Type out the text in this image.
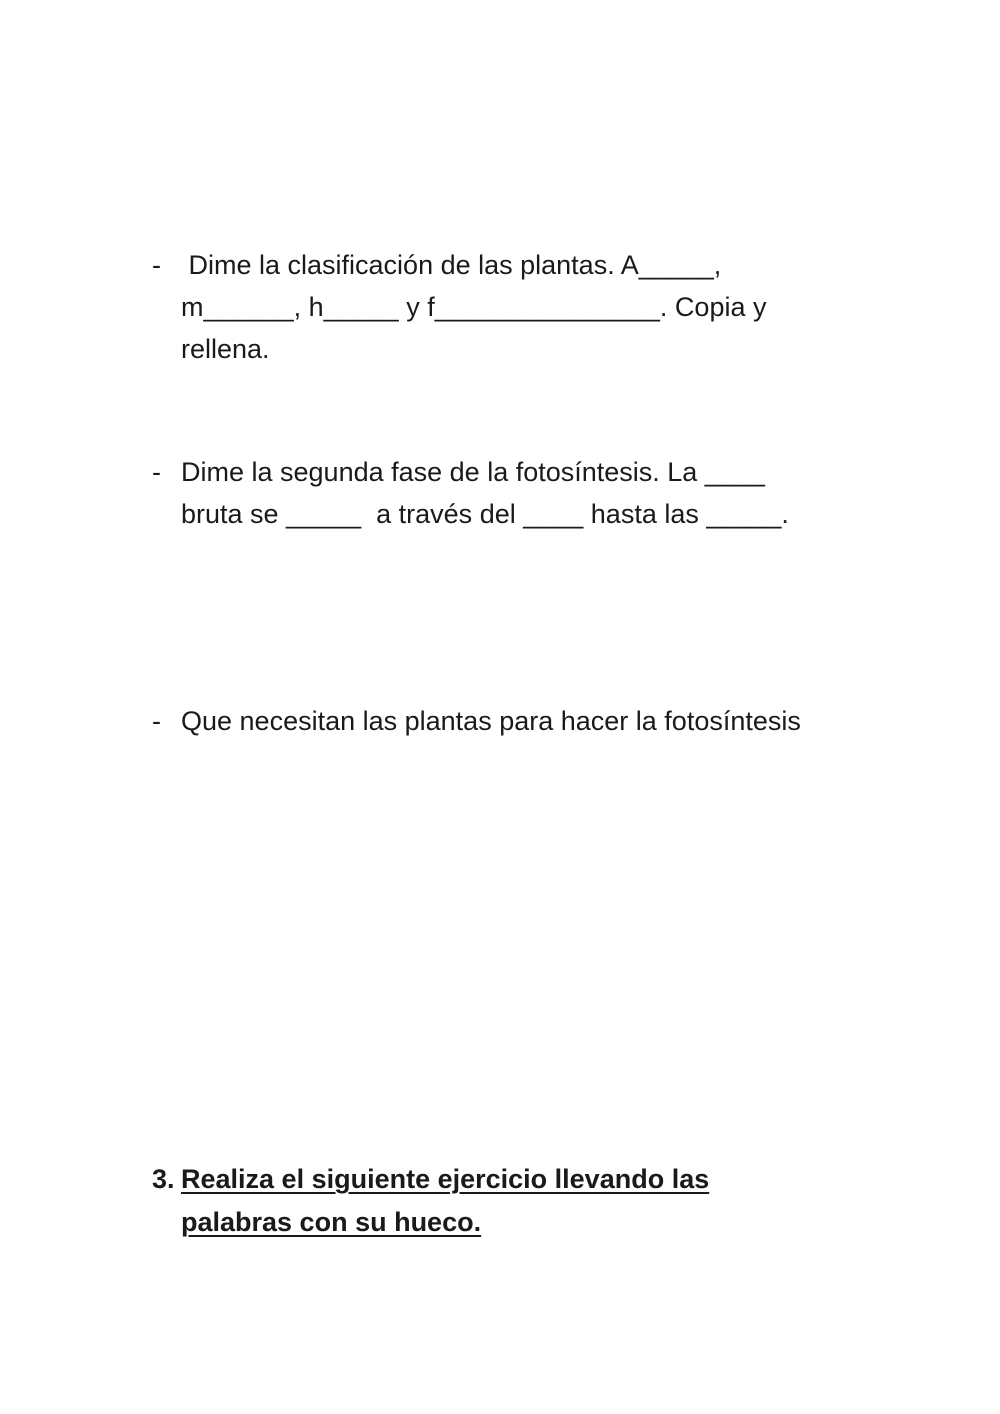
- Dime la clasificación de las plantas. A_____,
m______, h_____ y f_______________. Copia y
rellena.
- Dime la segunda fase de la fotosíntesis. La ____
bruta se _____  a través del ____ hasta las _____.
- Que necesitan las plantas para hacer la fotosíntesis
3. Realiza el siguiente ejercicio llevando las
palabras con su hueco.
